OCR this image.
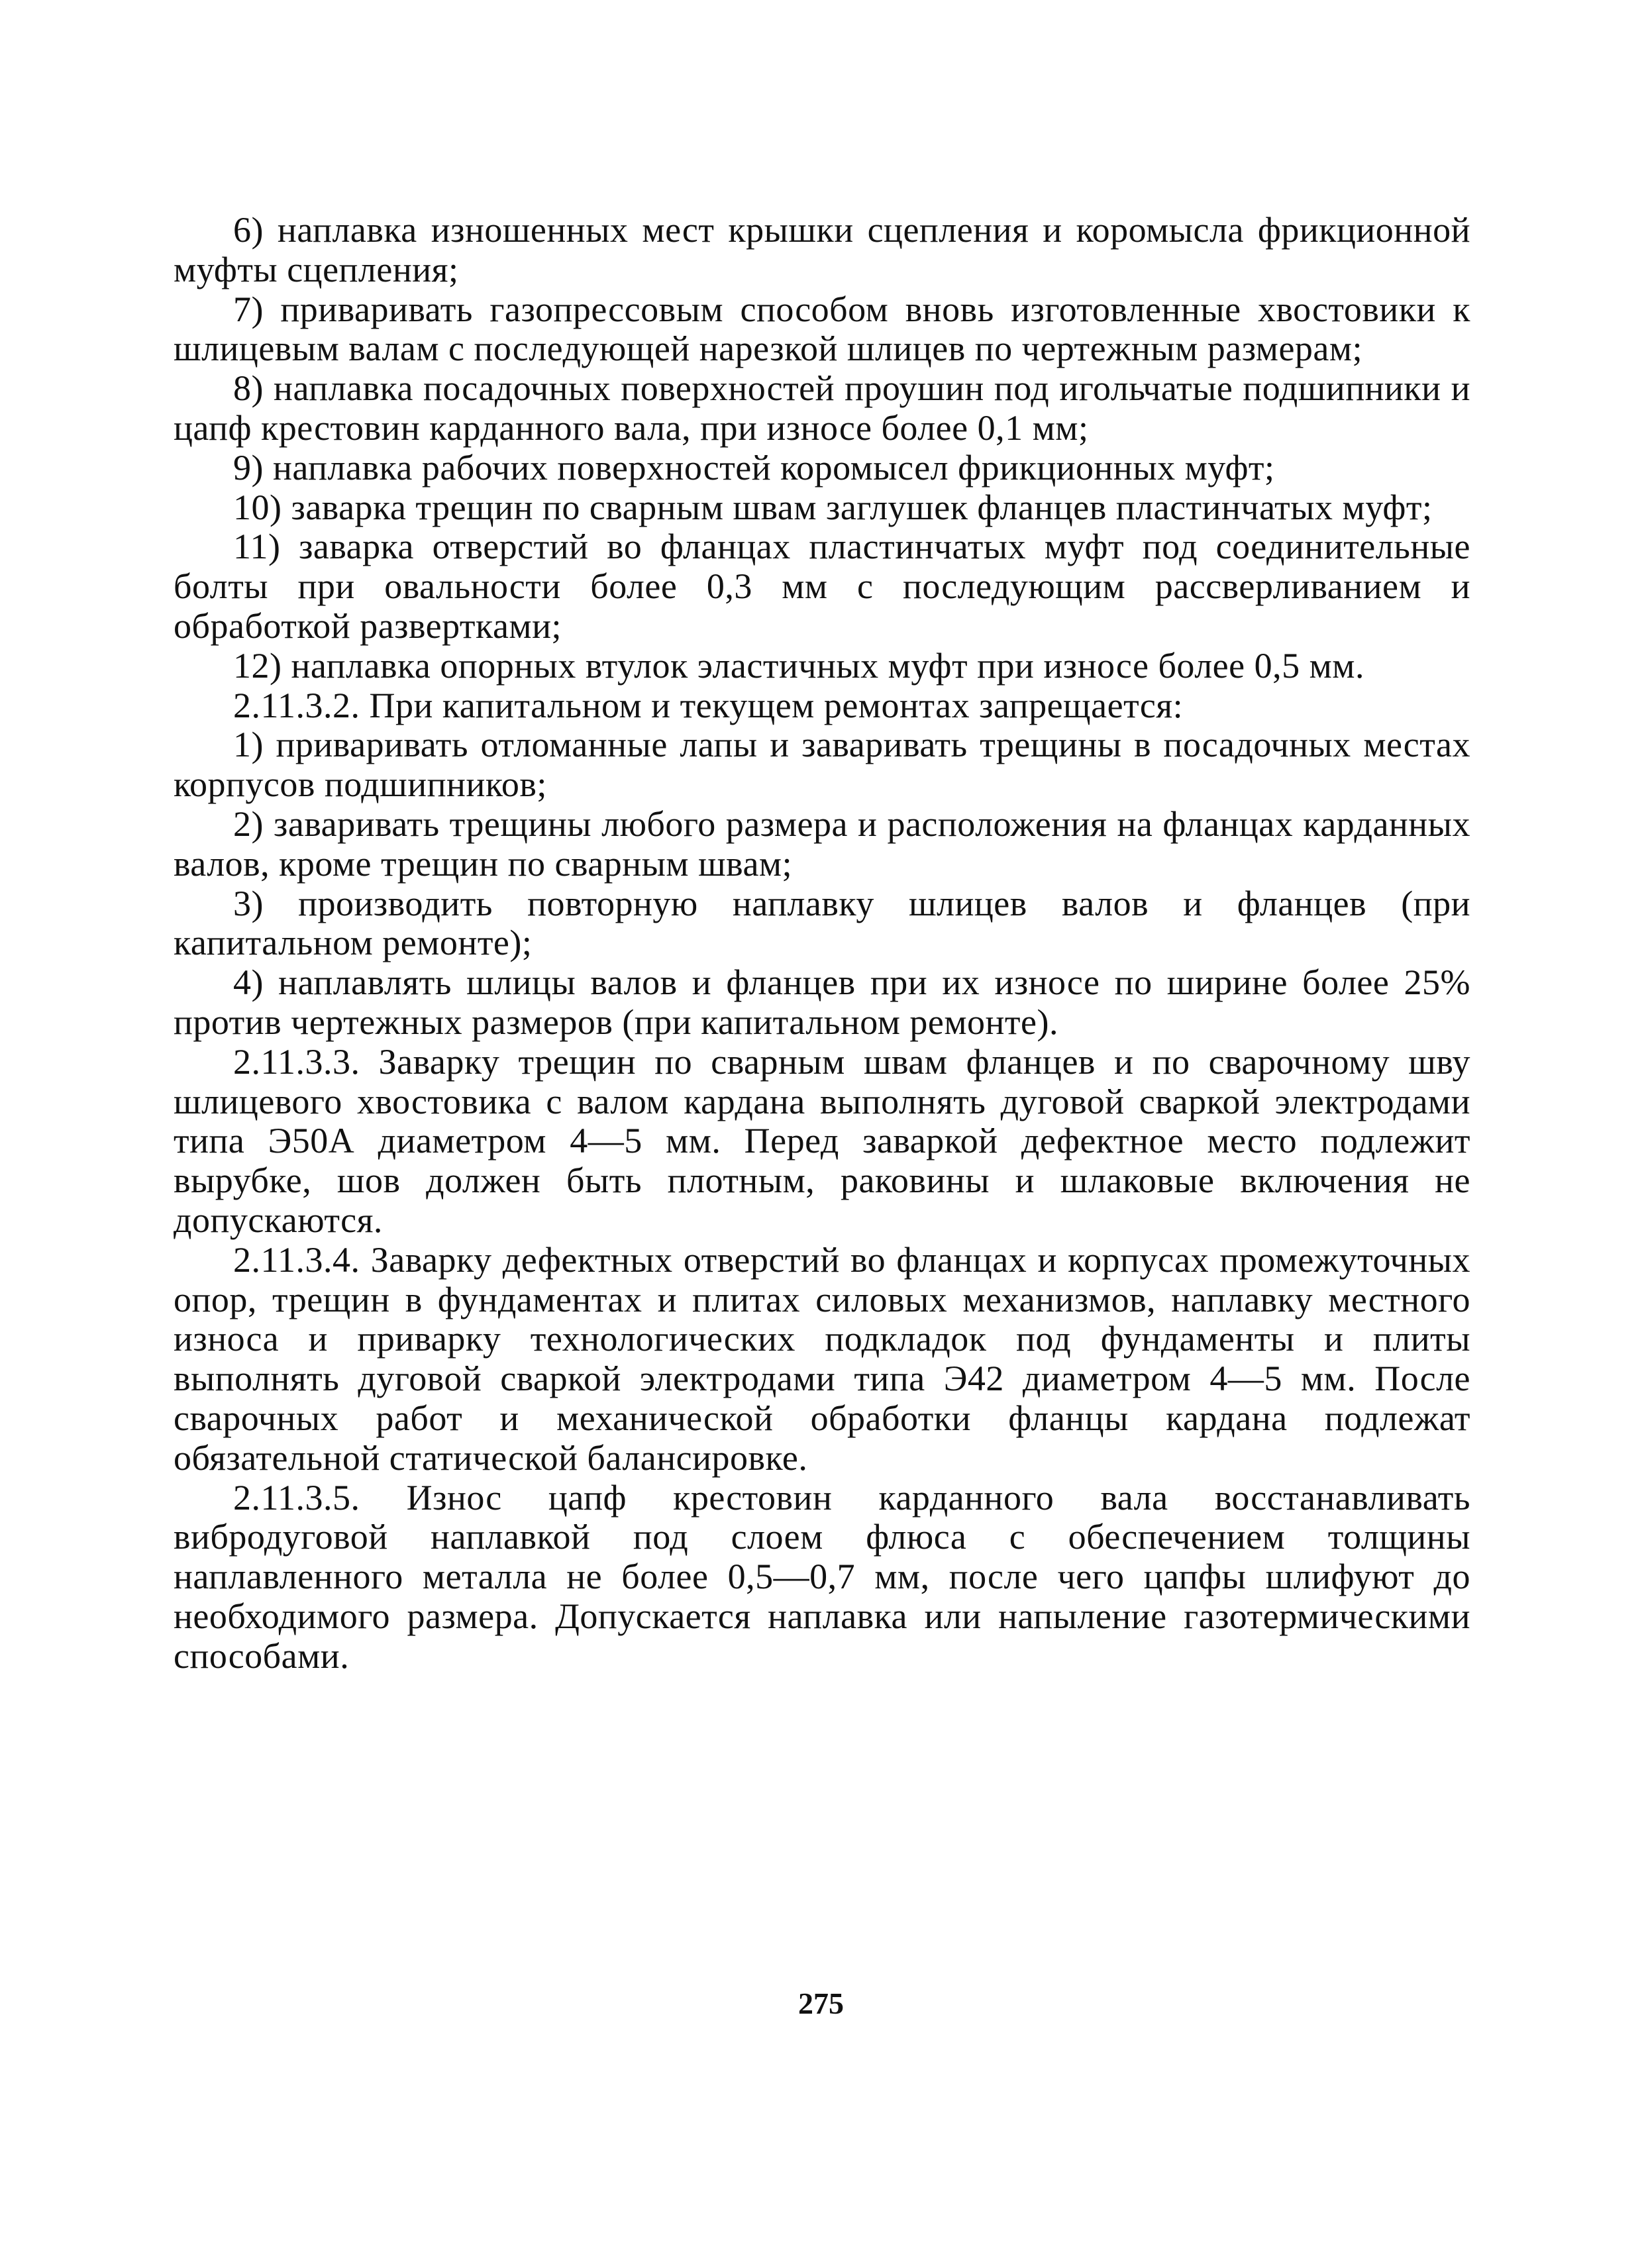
6) наплавка изношенных мест крышки сцепления и коромысла фрикционной муфты сцепления;

7) приваривать газопрессовым способом вновь изготовленные хвостовики к шлицевым валам с последующей нарезкой шлицев по чертежным размерам;

8) наплавка посадочных поверхностей проушин под игольчатые подшипники и цапф крестовин карданного вала, при износе более 0,1 мм;

9) наплавка рабочих поверхностей коромысел фрикционных муфт;

10) заварка трещин по сварным швам заглушек фланцев пластинчатых муфт;

11) заварка отверстий во фланцах пластинчатых муфт под соединительные болты при овальности более 0,3 мм с последующим рассверливанием и обработкой развертками;

12) наплавка опорных втулок эластичных муфт при износе более 0,5 мм.

2.11.3.2. При капитальном и текущем ремонтах запрещается:

1) приваривать отломанные лапы и заваривать трещины в посадочных местах корпусов подшипников;

2) заваривать трещины любого размера и расположения на фланцах карданных валов, кроме трещин по сварным швам;

3) производить повторную наплавку шлицев валов и фланцев (при капитальном ремонте);

4) наплавлять шлицы валов и фланцев при их износе по ширине более 25% против чертежных размеров (при капитальном ремонте).

2.11.3.3. Заварку трещин по сварным швам фланцев и по сварочному шву шлицевого хвостовика с валом кардана выполнять дуговой сваркой электродами типа Э50А диаметром 4—5 мм. Перед заваркой дефектное место подлежит вырубке, шов должен быть плотным, раковины и шлаковые включения не допускаются.

2.11.3.4. Заварку дефектных отверстий во фланцах и корпусах промежуточных опор, трещин в фундаментах и плитах силовых механизмов, наплавку местного износа и приварку технологических подкладок под фундаменты и плиты выполнять дуговой сваркой электродами типа Э42 диаметром 4—5 мм. После сварочных работ и механической обработки фланцы кардана подлежат обязательной статической балансировке.

2.11.3.5. Износ цапф крестовин карданного вала восстанавливать вибродуговой наплавкой под слоем флюса с обеспечением толщины наплавленного металла не более 0,5—0,7 мм, после чего цапфы шлифуют до необходимого размера. Допускается наплавка или напыление газотермическими способами.

275
